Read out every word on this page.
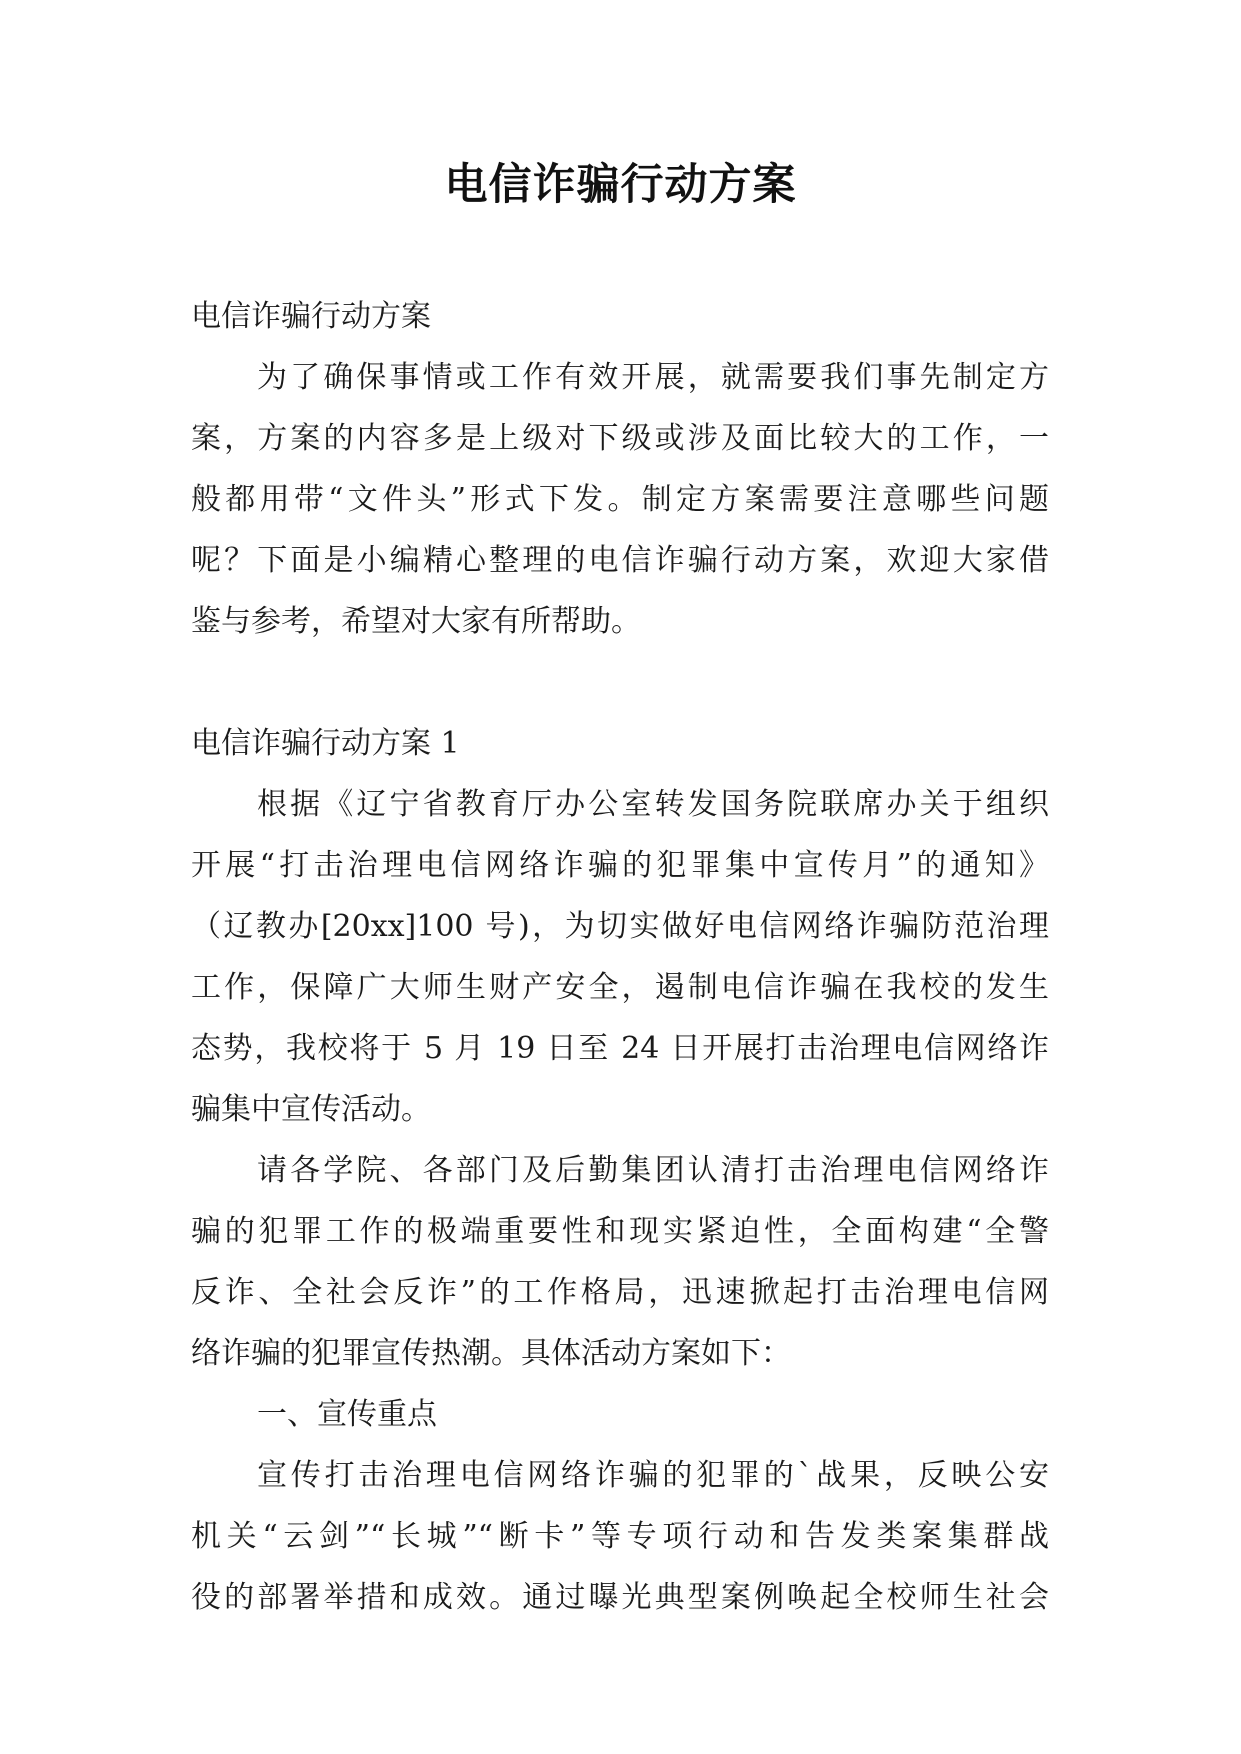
电信诈骗行动方案

电信诈骗行动方案

为了确保事情或工作有效开展，就需要我们事先制定方

案，方案的内容多是上级对下级或涉及面比较大的工作，一

般都用带“文件头”形式下发。制定方案需要注意哪些问题

呢？下面是小编精心整理的电信诈骗行动方案，欢迎大家借

鉴与参考，希望对大家有所帮助。

电信诈骗行动方案 1

根据《辽宁省教育厅办公室转发国务院联席办关于组织

开展“打击治理电信网络诈骗的犯罪集中宣传月”的通知》

（辽教办[20xx]100 号)，为切实做好电信网络诈骗防范治理

工作，保障广大师生财产安全，遏制电信诈骗在我校的发生

态势，我校将于 5 月 19 日至 24 日开展打击治理电信网络诈

骗集中宣传活动。

请各学院、各部门及后勤集团认清打击治理电信网络诈

骗的犯罪工作的极端重要性和现实紧迫性，全面构建“全警

反诈、全社会反诈”的工作格局，迅速掀起打击治理电信网

络诈骗的犯罪宣传热潮。具体活动方案如下：

一、宣传重点

宣传打击治理电信网络诈骗的犯罪的`战果，反映公安

机关“云剑”“长城”“断卡”等专项行动和告发类案集群战

役的部署举措和成效。通过曝光典型案例唤起全校师生社会
